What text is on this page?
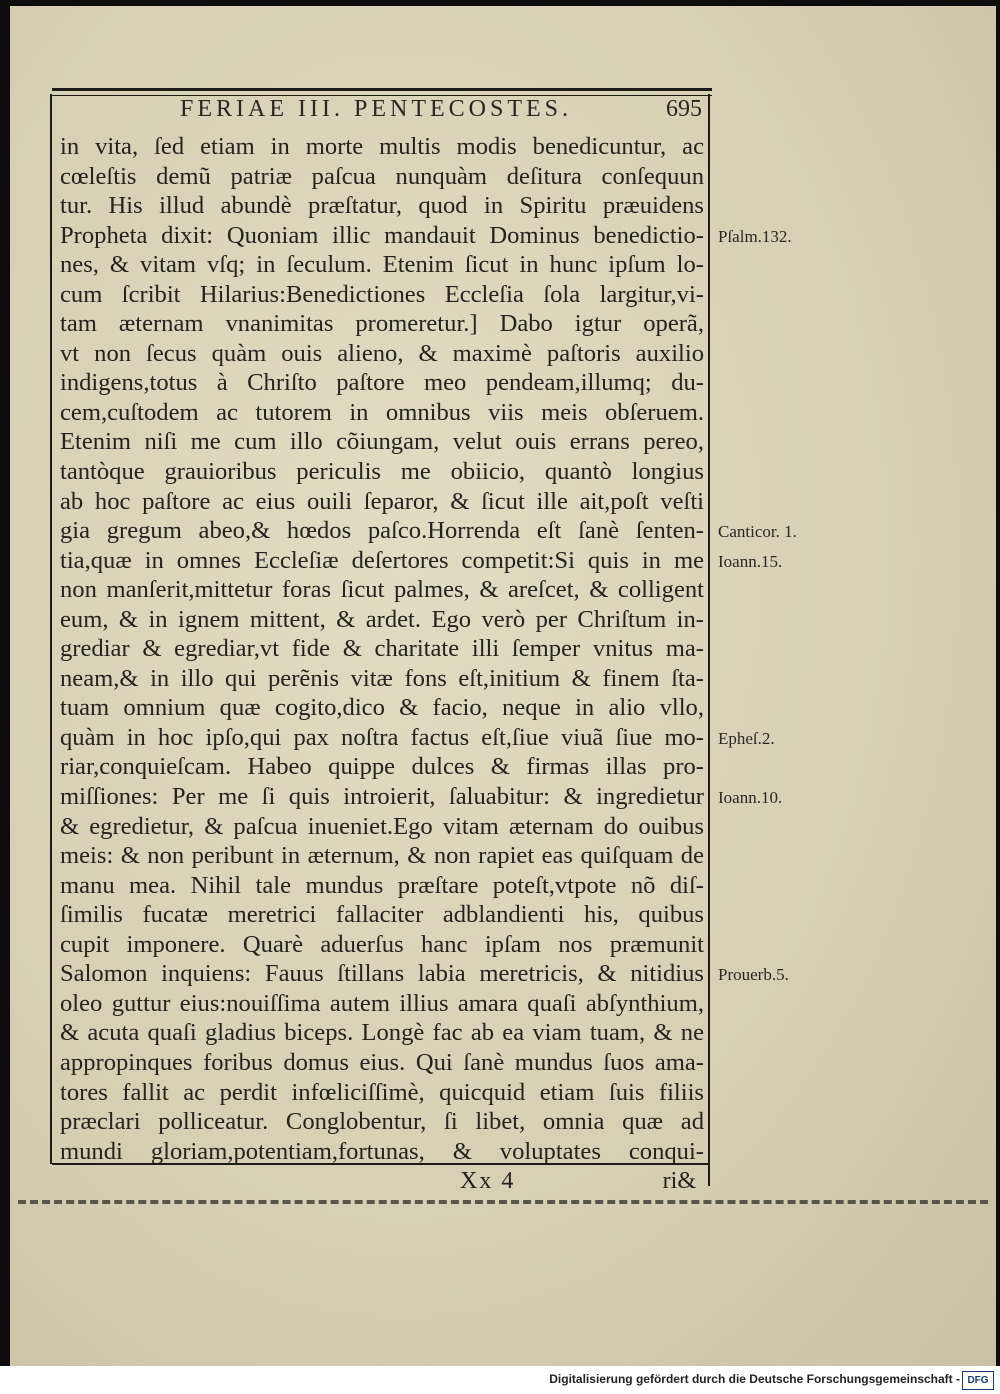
FERIAE III. PENTECOSTES.	695
in vita, ſed etiam in morte multis modis benedicuntur, ac
cœleſtis demũ patriæ paſcua nunquàm deſitura conſequun
tur. His illud abundè præſtatur, quod in Spiritu præuidens
Propheta dixit: Quoniam illic mandauit Dominus benedictio-
nes, & vitam vſq; in ſeculum. Etenim ſicut in hunc ipſum lo-
cum ſcribit Hilarius:Benedictiones Eccleſia ſola largitur,vi-
tam æternam vnanimitas promeretur.] Dabo igtur operã,
vt non ſecus quàm ouis alieno, & maximè paſtoris auxilio
indigens,totus à Chriſto paſtore meo pendeam,illumq; du-
cem,cuſtodem ac tutorem in omnibus viis meis obſeruem.
Etenim niſi me cum illo cõiungam, velut ouis errans pereo,
tantòque grauioribus periculis me obiicio, quantò longius
ab hoc paſtore ac eius ouili ſeparor, & ſicut ille ait,poſt veſti
gia gregum abeo,& hœdos paſco.Horrenda eſt ſanè ſenten-
tia,quæ in omnes Eccleſiæ deſertores competit:Si quis in me
non manſerit,mittetur foras ſicut palmes, & areſcet, & colligent
eum, & in ignem mittent, & ardet. Ego verò per Chriſtum in-
grediar & egrediar,vt fide & charitate illi ſemper vnitus ma-
neam,& in illo qui perẽnis vitæ fons eſt,initium & finem ſta-
tuam omnium quæ cogito,dico & facio, neque in alio vllo,
quàm in hoc ipſo,qui pax noſtra factus eſt,ſiue viuã ſiue mo-
riar,conquieſcam. Habeo quippe dulces & firmas illas pro-
miſſiones: Per me ſi quis introierit, ſaluabitur: & ingredietur
& egredietur, & paſcua inueniet.Ego vitam æternam do ouibus
meis: & non peribunt in æternum, & non rapiet eas quiſquam de
manu mea. Nihil tale mundus præſtare poteſt,vtpote nõ diſ-
ſimilis fucatæ meretrici fallaciter adblandienti his, quibus
cupit imponere. Quarè aduerſus hanc ipſam nos præmunit
Salomon inquiens: Fauus ſtillans labia meretricis, & nitidius
oleo guttur eius:nouiſſima autem illius amara quaſi abſynthium,
& acuta quaſi gladius biceps. Longè fac ab ea viam tuam, & ne
appropinques foribus domus eius. Qui ſanè mundus ſuos ama-
tores fallit ac perdit infœliciſſimè, quicquid etiam ſuis filiis
præclari polliceatur. Conglobentur, ſi libet, omnia quæ ad
mundi gloriam,potentiam,fortunas, & voluptates conqui-
Pſalm.132.
Canticor. 1.
Ioann.15.
Epheſ.2.
Ioann.10.
Prouerb.5.
Xx 4	ri&
Digitalisierung gefördert durch die Deutsche Forschungsgemeinschaft - DFG
